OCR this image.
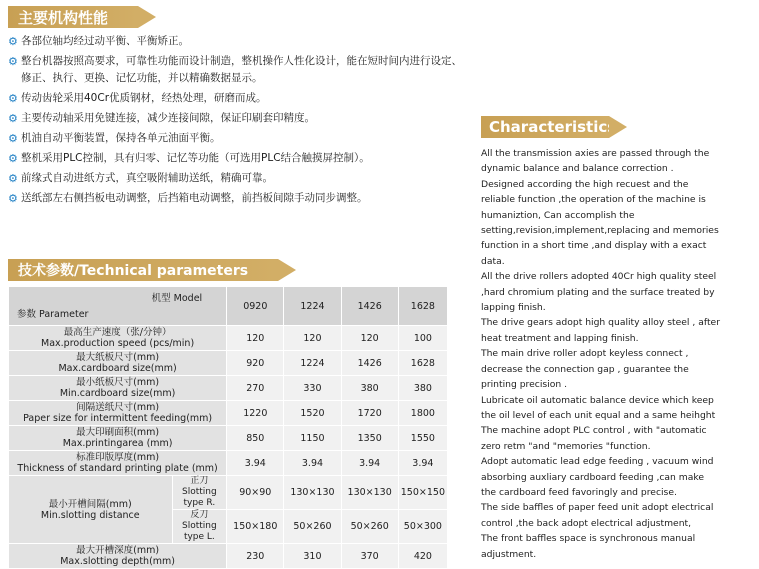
主要机构性能
技术参数/Technical parameters
Characteristics
⚙ 各部位轴均经过动平衡、平衡矫正。
⚙ 整台机器按照高要求，可靠性功能而设计制造，整机操作人性化设计，能在短时间内进行设定、修正、执行、更换、记忆功能，并以精确数据显示。
⚙ 传动齿轮采用40Cr优质钢材，经热处理，研磨而成。
⚙ 主要传动轴采用免键连接，减少连接间隙，保证印刷套印精度。
⚙ 机油自动平衡装置，保持各单元油面平衡。
⚙ 整机采用PLC控制，具有归零、记忆等功能（可选用PLC结合触摸屏控制）。
⚙ 前缘式自动进纸方式，真空吸附辅助送纸，精确可靠。
⚙ 送纸部左右侧挡板电动调整，后挡箱电动调整，前挡板间隙手动同步调整。

All the transmission axies are passed through the dynamic balance and balance correction .

Designed according the high recuest and the reliable function ,the operation of the machine is humaniztion, Can accomplish the setting,revision,implement,replacing and memories function in a short time ,and display with a exact data.

All the drive rollers adopted 40Cr high quality steel ,hard chromium plating and the surface treated by lapping finish.

The drive gears adopt high quality alloy steel , after heat treatment and lapping finish.

The main drive roller adopt keyless connect , decrease the connection gap , guarantee the printing precision .

Lubricate oil automatic balance device which keep the oil level of each unit equal and a same heihght

The machine adopt PLC control , with "automatic zero retm "and "memories "function.

Adopt automatic lead edge feeding , vacuum wind absorbing auxliary cardboard feeding ,can make the cardboard feed favoringly and precise.

The side baffles of paper feed unit adopt electrical control ,the back adopt electrical adjustment,

The front baffles space is synchronous manual adjustment.

机型 Model
参数 Parameter		0920	1224	1426	1628

最高生产速度（张/分钟）
Max.production speed (pcs/min)		120	120	120	100

最大纸板尺寸(mm)
Max.cardboard size(mm)		920	1224	1426	1628

最小纸板尺寸(mm)
Min.cardboard size(mm)		270	330	380	380

间隔送纸尺寸(mm)
Paper size for intermittent feeding(mm)		1220	1520	1720	1800

最大印刷面积(mm)
Max.printingarea (mm)		850	1150	1350	1550

标准印版厚度(mm)
Thickness of standard printing plate (mm)		3.94	3.94	3.94	3.94

最小开槽间隔(mm)
Min.slotting distance	正刀 Slotting type R.	90×90	130×130	130×130	150×150
	反刀 Slotting type L.	150×180	50×260	50×260	50×300

最大开槽深度(mm)
Max.slotting depth(mm)		230	310	370	420
